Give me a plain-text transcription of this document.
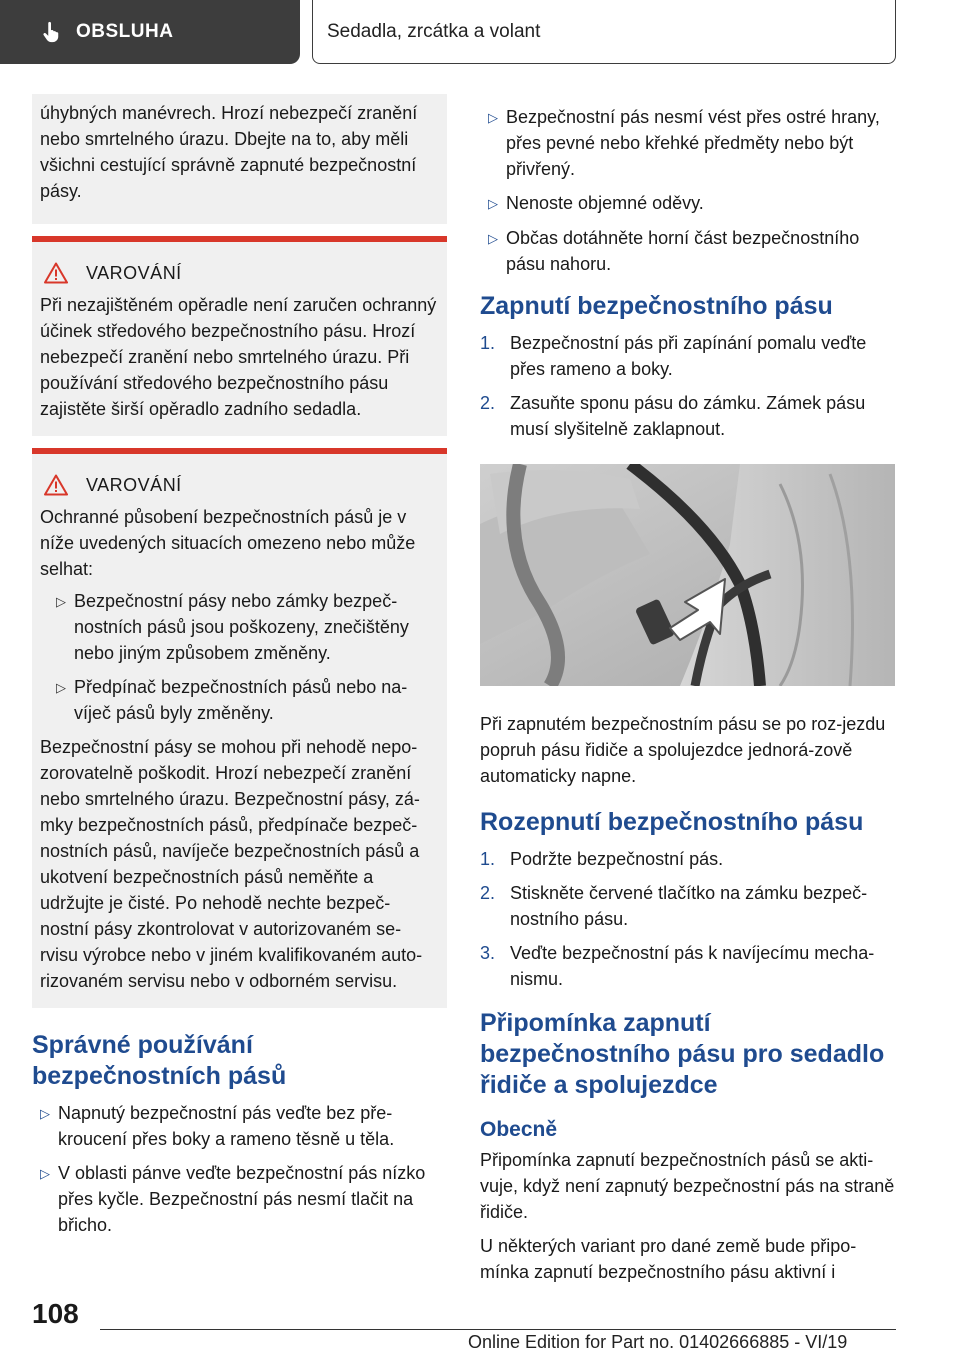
OBSLUHA	Sedadla, zrcátka a volant

úhybných manévrech. Hrozí nebezpečí zranění nebo smrtelného úrazu. Dbejte na to, aby měli všichni cestující správně zapnuté bezpečnostní pásy.

VAROVÁNÍ

Při nezajištěném opěradle není zaručen ochranný účinek středového bezpečnostního pásu. Hrozí nebezpečí zranění nebo smrtelného úrazu. Při používání středového bezpečnostního pásu zajistěte širší opěradlo zadního sedadla.

VAROVÁNÍ

Ochranné působení bezpečnostních pásů je v níže uvedených situacích omezeno nebo může selhat:

▷ Bezpečnostní pásy nebo zámky bezpeč-nostních pásů jsou poškozeny, znečištěny nebo jiným způsobem změněny.
▷ Předpínač bezpečnostních pásů nebo na-víječ pásů byly změněny.

Bezpečnostní pásy se mohou při nehodě nepo-zorovatelně poškodit. Hrozí nebezpečí zranění nebo smrtelného úrazu. Bezpečnostní pásy, zá-mky bezpečnostních pásů, předpínače bezpeč-nostních pásů, navíječe bezpečnostních pásů a ukotvení bezpečnostních pásů neměňte a udržujte je čisté. Po nehodě nechte bezpeč-nostní pásy zkontrolovat v autorizovaném se-rvisu výrobce nebo v jiném kvalifikovaném auto-rizovaném servisu nebo v odborném servisu.

Správné používání bezpečnostních pásů
▷ Napnutý bezpečnostní pás veďte bez pře-kroucení přes boky a rameno těsně u těla.
▷ V oblasti pánve veďte bezpečnostní pás nízko přes kyčle. Bezpečnostní pás nesmí tlačit na břicho.
▷ Bezpečnostní pás nesmí vést přes ostré hrany, přes pevné nebo křehké předměty nebo být přivřený.
▷ Nenoste objemné oděvy.
▷ Občas dotáhněte horní část bezpečnostního pásu nahoru.
Zapnutí bezpečnostního pásu
1. Bezpečnostní pás při zapínání pomalu veďte přes rameno a boky.
2. Zasuňte sponu pásu do zámku. Zámek pásu musí slyšitelně zaklapnout.

Při zapnutém bezpečnostním pásu se po roz-jezdu popruh pásu řidiče a spolujezdce jednorá-zově automaticky napne.

Rozepnutí bezpečnostního pásu
1. Podržte bezpečnostní pás.
2. Stiskněte červené tlačítko na zámku bezpeč-nostního pásu.
3. Veďte bezpečnostní pás k navíjecímu mecha-nismu.
Připomínka zapnutí bezpečnostního pásu pro sedadlo řidiče a spolujezdce
Obecně

Připomínka zapnutí bezpečnostních pásů se akti-vuje, když není zapnutý bezpečnostní pás na straně řidiče.

U některých variant pro dané země bude připo-mínka zapnutí bezpečnostního pásu aktivní i

108
Online Edition for Part no. 01402666885 - VI/19
